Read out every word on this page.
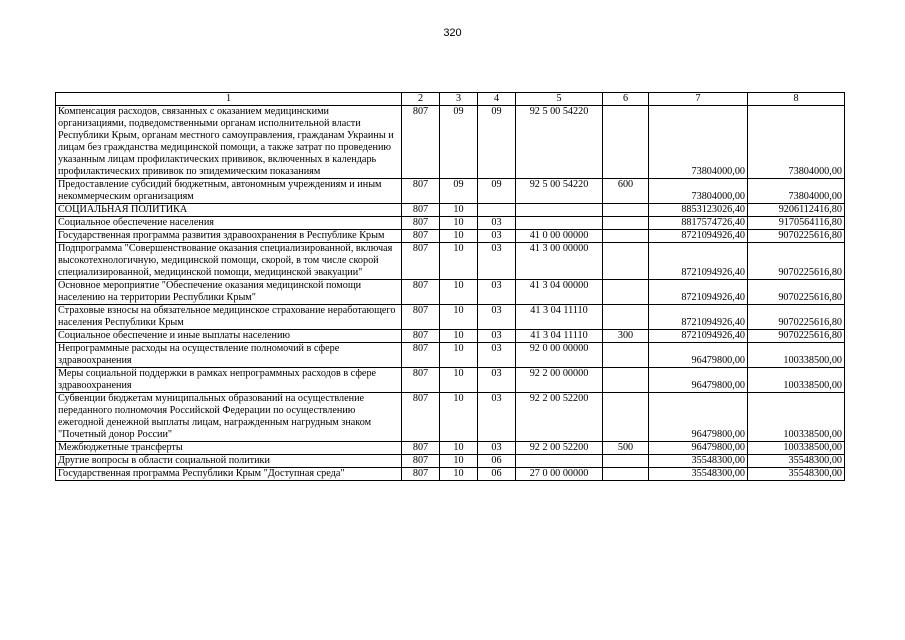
320
1	2	3	4	5	6	7	8
Компенсация расходов, связанных с оказанием медицинскими организациями, подведомственными органам исполнительной власти Республики Крым, органам местного самоуправления, гражданам Украины и лицам без гражданства медицинской помощи, а также затрат по проведению указанным лицам профилактических прививок, включенных в календарь профилактических прививок по эпидемическим показаниям	807	09	09	92 5 00 54220		73804000,00	73804000,00
Предоставление субсидий бюджетным, автономным учреждениям и иным некоммерческим организациям	807	09	09	92 5 00 54220	600	73804000,00	73804000,00
СОЦИАЛЬНАЯ ПОЛИТИКА	807	10				8853123026,40	9206112416,80
Социальное обеспечение населения	807	10	03			8817574726,40	9170564116,80
Государственная программа развития здравоохранения в Республике Крым	807	10	03	41 0 00 00000		8721094926,40	9070225616,80
Подпрограмма "Совершенствование оказания специализированной, включая высокотехнологичную, медицинской помощи, скорой, в том числе скорой специализированной, медицинской помощи, медицинской эвакуации"	807	10	03	41 3 00 00000		8721094926,40	9070225616,80
Основное мероприятие "Обеспечение оказания медицинской помощи населению на территории Республики Крым"	807	10	03	41 3 04 00000		8721094926,40	9070225616,80
Страховые взносы на обязательное медицинское страхование неработающего населения Республики Крым	807	10	03	41 3 04 11110		8721094926,40	9070225616,80
Социальное обеспечение и иные выплаты населению	807	10	03	41 3 04 11110	300	8721094926,40	9070225616,80
Непрограммные расходы на осуществление полномочий в сфере здравоохранения	807	10	03	92 0 00 00000		96479800,00	100338500,00
Меры социальной поддержки в рамках непрограммных расходов в сфере здравоохранения	807	10	03	92 2 00 00000		96479800,00	100338500,00
Субвенции бюджетам муниципальных образований на осуществление переданного полномочия Российской Федерации по осуществлению ежегодной денежной выплаты лицам, награжденным нагрудным знаком "Почетный донор России"	807	10	03	92 2 00 52200		96479800,00	100338500,00
Межбюджетные трансферты	807	10	03	92 2 00 52200	500	96479800,00	100338500,00
Другие вопросы в области социальной политики	807	10	06			35548300,00	35548300,00
Государственная программа Республики Крым "Доступная среда"	807	10	06	27 0 00 00000		35548300,00	35548300,00
